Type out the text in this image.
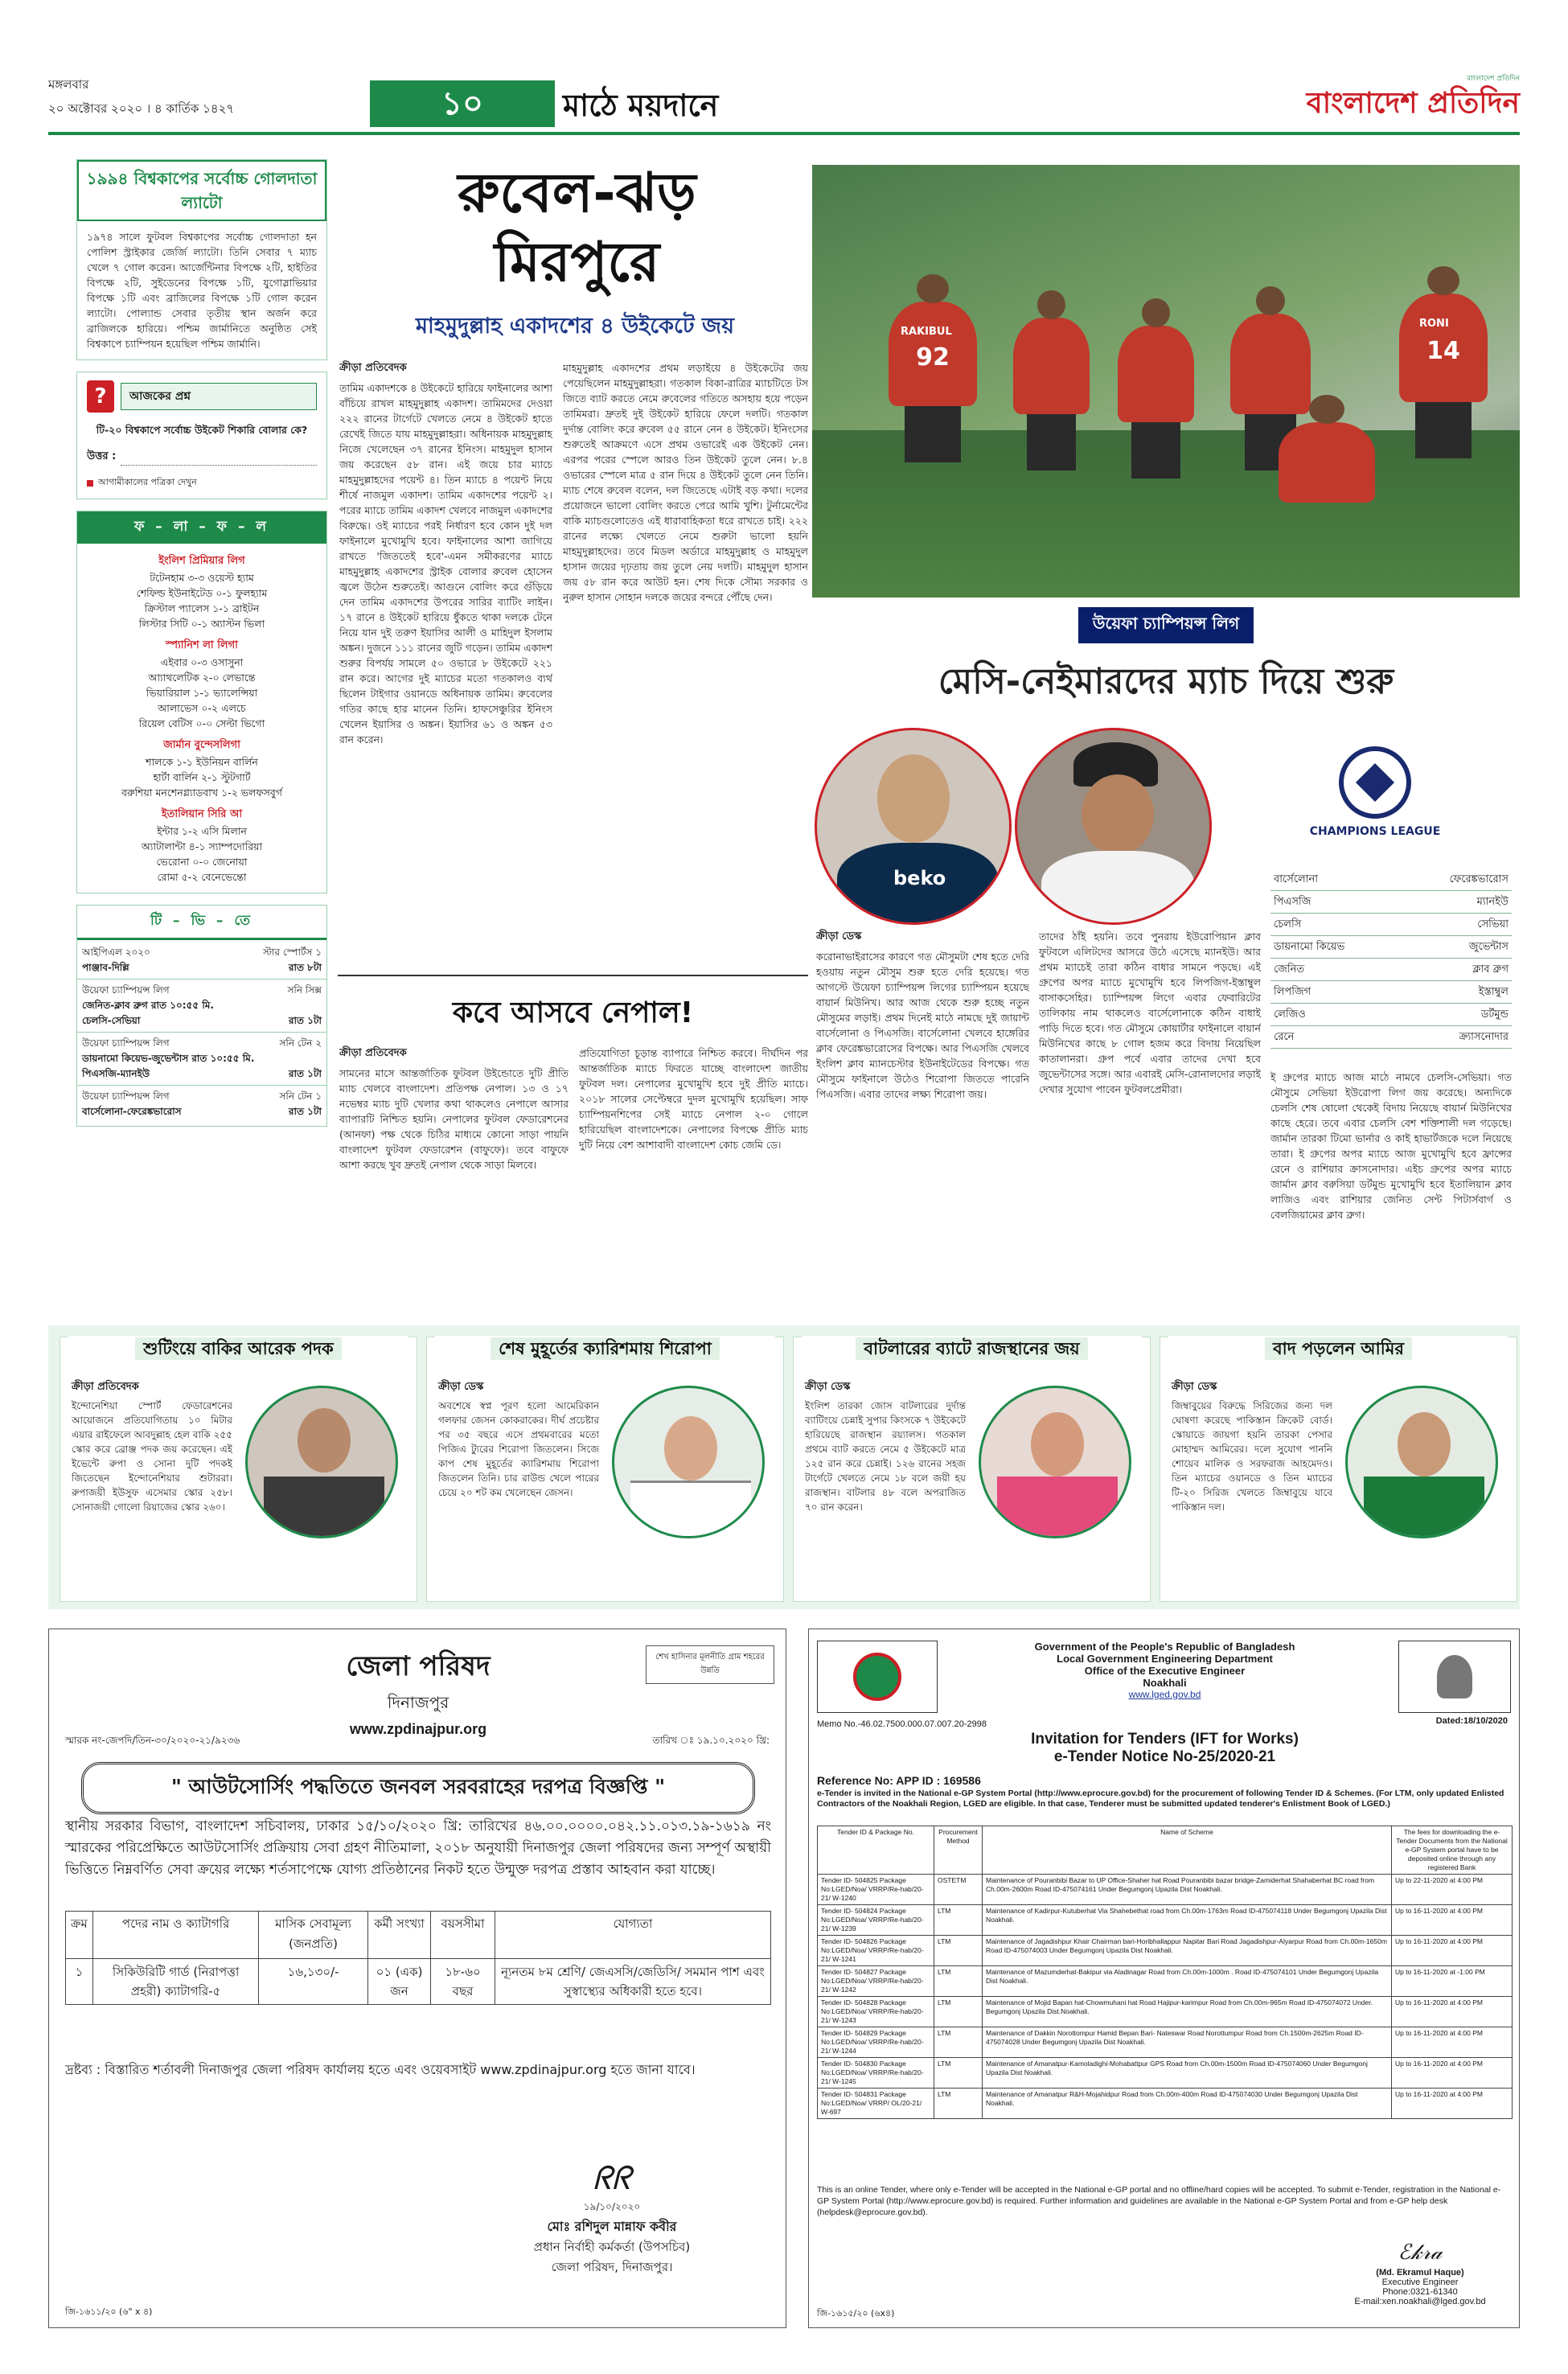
মঙ্গলবার
২০ অক্টোবর ২০২০ । ৪ কার্তিক ১৪২৭	১০	মাঠে ময়দানে
বাংলাদেশ প্রতিদিন
বাংলাদেশ প্রতিদিন
১৯৯৪ বিশ্বকাপের সর্বোচ্চ গোলদাতা ল্যাটো
১৯৭৪ সালে ফুটবল বিশ্বকাপের সর্বোচ্চ গোলদাতা হন পোলিশ স্ট্রাইকার জের্জি ল্যাটো। তিনি সেবার ৭ ম্যাচ খেলে ৭ গোল করেন। আর্জেন্টিনার বিপক্ষে ২টি, হাইতির বিপক্ষে ২টি, সুইডেনের বিপক্ষে ১টি, যুগোস্লাভিয়ার বিপক্ষে ১টি এবং ব্রাজিলের বিপক্ষে ১টি গোল করেন ল্যাটো। পোল্যান্ড সেবার তৃতীয় স্থান অর্জন করে ব্রাজিলকে হারিয়ে। পশ্চিম জার্মানিতে অনুষ্ঠিত সেই বিশ্বকাপে চ্যাম্পিয়ন হয়েছিল পশ্চিম জার্মানি।
?	আজকের প্রশ্ন
টি-২০ বিশ্বকাপে সর্বোচ্চ উইকেট শিকারি বোলার কে?
উত্তর :
আগামীকালের পত্রিকা দেখুন
ফ – লা – ফ – ল
ইংলিশ প্রিমিয়ার লিগ
টটেনহাম ৩-৩ ওয়েস্ট হ্যাম
শেফিল্ড ইউনাইটেড ০-১ ফুলহ্যাম
ক্রিস্টাল প্যালেস ১-১ ব্রাইটন
লিস্টার সিটি ০-১ অ্যাস্টন ভিলা
স্প্যানিশ লা লিগা
এইবার ০-৩ ওসাসুনা
আ্যাথলেটিক ২-০ লেভান্তে
ভিয়ারিয়াল ১-১ ভ্যালেন্সিয়া
আলাভেস ০-২ এলচে
রিয়েল বেটিস ০-০ সেল্টা ভিগো
জার্মান বুন্দেসলিগা
শালকে ১-১ ইউনিয়ন বার্লিন
হার্টা বার্লিন ২-১ স্টুটগার্ট
বরুশিয়া মনশেনগ্ল্যাডবাখ ১-২ ভলফসবুর্গ
ইতালিয়ান সিরি আ
ইন্টার ১-২ এসি মিলান
অ্যাটালান্টা ৪-১ স্যাম্পদোরিয়া
ভেরোনা ০-০ জেনোয়া
রোমা ৫-২ বেনেভেন্তো
টি – ভি – তে
আইপিএল ২০২০	স্টার স্পোর্টস ১
পাঞ্জাব-দিল্লি	রাত ৮টা
উয়েফা চ্যাম্পিয়ন্স লিগ	সনি সিক্স
জেনিত-ক্লাব ব্রুগ রাত ১০:৫৫ মি.
চেলসি-সেভিয়া	রাত ১টা
উয়েফা চ্যাম্পিয়ন্স লিগ	সনি টেন ২
ডায়নামো কিয়েভ-জুভেন্টাস রাত ১০:৫৫ মি.
পিএসজি-ম্যানইউ	রাত ১টা
উয়েফা চ্যাম্পিয়ন্স লিগ	সনি টেন ১
বার্সেলোনা-ফেরেঙ্কভারোস	রাত ১টা
রুবেল-ঝড়
মিরপুরে
মাহমুদুল্লাহ একাদশের ৪ উইকেটে জয়
ক্রীড়া প্রতিবেদক

তামিম একাদশকে ৪ উইকেটে হারিয়ে ফাইনালের আশা বাঁচিয়ে রাখল মাহমুদুল্লাহ একাদশ। তামিমদের দেওয়া ২২২ রানের টার্গেটে খেলতে নেমে ৪ উইকেট হাতে রেখেই জিতে যায় মাহমুদুল্লাহরা। অধিনায়ক মাহমুদুল্লাহ নিজে খেলেছেন ৩৭ রানের ইনিংস। মাহমুদুল হাসান জয় করেছেন ৫৮ রান। এই জয়ে চার ম্যাচে মাহমুদুল্লাহদের পয়েন্ট ৪। তিন ম্যাচে ৪ পয়েন্ট নিয়ে শীর্ষে নাজমুল একাদশ। তামিম একাদশের পয়েন্ট ২। পরের ম্যাচে তামিম একাদশ খেলবে নাজমুল একাদশের বিরুদ্ধে। ওই ম্যাচের পরই নির্ধারণ হবে কোন দুই দল ফাইনালে মুখোমুখি হবে। ফাইনালের আশা জাগিয়ে রাখতে 'জিততেই হবে'-এমন সমীকরণের ম্যাচে মাহমুদুল্লাহ একাদশের স্ট্রাইক বোলার রুবেল হোসেন জ্বলে উঠেন শুরুতেই। আগুনে বোলিং করে গুঁড়িয়ে দেন তামিম একাদশের উপরের সারির ব্যাটিং লাইন। ১৭ রানে ৪ উইকেট হারিয়ে ধুঁকতে থাকা দলকে টেনে নিয়ে যান দুই তরুণ ইয়াসির আলী ও মাহিদুল ইসলাম অঙ্কন। দুজনে ১১১ রানের জুটি গড়েন। তামিম একাদশ শুরুর বিপর্যয় সামলে ৫০ ওভারে ৮ উইকেটে ২২১ রান করে। আগের দুই ম্যাচের মতো গতকালও ব্যর্থ ছিলেন টাইগার ওয়ানডে অধিনায়ক তামিম। রুবেলের গতির কাছে হার মানেন তিনি। হাফসেঞ্চুরির ইনিংস খেলেন ইয়াসির ও অঙ্কন। ইয়াসির ৬১ ও অঙ্কন ৫৩ রান করেন।

মাহমুদুল্লাহ একাদশের প্রথম লড়াইয়ে ৪ উইকেটের জয় পেয়েছিলেন মাহমুদুল্লাহরা। গতকাল বিকা-রাত্রির ম্যাচটিতে টস জিতে ব্যাট করতে নেমে রুবেলের গতিতে অসহায় হয়ে পড়েন তামিমরা। দ্রুতই দুই উইকেট হারিয়ে ফেলে দলটি। গতকাল দুর্দান্ত বোলিং করে রুবেল ৫৫ রানে নেন ৪ উইকেট। ইনিংসের শুরুতেই আক্রমণে এসে প্রথম ওভারেই এক উইকেট নেন। এরপর পরের স্পেলে আরও তিন উইকেট তুলে নেন। ৮.৪ ওভারের স্পেলে মাত্র ৫ রান দিয়ে ৪ উইকেট তুলে নেন তিনি। ম্যাচ শেষে রুবেল বলেন, দল জিতেছে এটাই বড় কথা। দলের প্রয়োজনে ভালো বোলিং করতে পেরে আমি খুশি। টুর্নামেন্টের বাকি ম্যাচগুলোতেও এই ধারাবাহিকতা ধরে রাখতে চাই। ২২২ রানের লক্ষ্যে খেলতে নেমে শুরুটা ভালো হয়নি মাহমুদুল্লাহদের। তবে মিডল অর্ডারে মাহমুদুল্লাহ ও মাহমুদুল হাসান জয়ের দৃঢ়তায় জয় তুলে নেয় দলটি। মাহমুদুল হাসান জয় ৫৮ রান করে আউট হন। শেষ দিকে সৌম্য সরকার ও নুরুল হাসান সোহান দলকে জয়ের বন্দরে পৌঁছে দেন।

92	14
RAKIBUL
RONI
উয়েফা চ্যাম্পিয়ন্স লিগ
মেসি-নেইমারদের ম্যাচ দিয়ে শুরু
beko
CHAMPIONS LEAGUE
বার্সেলোনা	ফেরেঙ্কভারোস
পিএসজি	ম্যানইউ
চেলসি	সেভিয়া
ডায়নামো কিয়েভ	জুভেন্টাস
জেনিত	ক্লাব ব্রুগ
লিপজিগ	ইস্তাম্বুল
লেজিও	ডর্টমুন্ড
রেনে	ক্র্যাসনোদার
ক্রীড়া ডেস্ক

করোনাভাইরাসের কারণে গত মৌসুমটা শেষ হতে দেরি হওয়ায় নতুন মৌসুম শুরু হতে দেরি হয়েছে। গত আগস্টে উয়েফা চ্যাম্পিয়ন্স লিগের চ্যাম্পিয়ন হয়েছে বায়ার্ন মিউনিখ। আর আজ থেকে শুরু হচ্ছে নতুন মৌসুমের লড়াই। প্রথম দিনেই মাঠে নামছে দুই জায়ান্ট বার্সেলোনা ও পিএসজি। বার্সেলোনা খেলবে হাঙ্গেরির ক্লাব ফেরেঙ্কভারোসের বিপক্ষে। আর পিএসজি খেলবে ইংলিশ ক্লাব ম্যানচেস্টার ইউনাইটেডের বিপক্ষে। গত মৌসুমে ফাইনালে উঠেও শিরোপা জিততে পারেনি পিএসজি। এবার তাদের লক্ষ্য শিরোপা জয়।

তাদের ঠাঁই হয়নি। তবে পুনরায় ইউরোপিয়ান ক্লাব ফুটবলে এলিটদের আসরে উঠে এসেছে ম্যানইউ। আর প্রথম ম্যাচেই তারা কঠিন বাধার সামনে পড়ছে। এই গ্রুপের অপর ম্যাচে মুখোমুখি হবে লিপজিগ-ইস্তাম্বুল বাসাকসেহির। চ্যাম্পিয়ন্স লিগে এবার ফেবারিটের তালিকায় নাম থাকলেও বার্সেলোনাকে কঠিন বাধাই পাড়ি দিতে হবে। গত মৌসুমে কোয়ার্টার ফাইনালে বায়ার্ন মিউনিখের কাছে ৮ গোল হজম করে বিদায় নিয়েছিল কাতালানরা। গ্রুপ পর্বে এবার তাদের দেখা হবে জুভেন্টাসের সঙ্গে। আর এবারই মেসি-রোনালদোর লড়াই দেখার সুযোগ পাবেন ফুটবলপ্রেমীরা।

ই গ্রুপের ম্যাচে আজ মাঠে নামবে চেলসি-সেভিয়া। গত মৌসুমে সেভিয়া ইউরোপা লিগ জয় করেছে। অন্যদিকে চেলসি শেষ ষোলো থেকেই বিদায় নিয়েছে বায়ার্ন মিউনিখের কাছে হেরে। তবে এবার চেলসি বেশ শক্তিশালী দল গড়েছে। জার্মান তারকা টিমো ভার্নার ও কাই হাভার্টজকে দলে নিয়েছে তারা। ই গ্রুপের অপর ম্যাচে আজ মুখোমুখি হবে ফ্রান্সের রেনে ও রাশিয়ার ক্রাসনোদার। এইচ গ্রুপের অপর ম্যাচে জার্মান ক্লাব বরুসিয়া ডর্টমুন্ড মুখোমুখি হবে ইতালিয়ান ক্লাব লাজিও এবং রাশিয়ার জেনিত সেন্ট পিটার্সবার্গ ও বেলজিয়ামের ক্লাব ব্রুগ।

কবে আসবে নেপাল!
ক্রীড়া প্রতিবেদক

সামনের মাসে আন্তর্জাতিক ফুটবল উইন্ডোতে দুটি প্রীতি ম্যাচ খেলবে বাংলাদেশ। প্রতিপক্ষ নেপাল। ১৩ ও ১৭ নভেম্বর ম্যাচ দুটি খেলার কথা থাকলেও নেপালে আসার ব্যাপারটি নিশ্চিত হয়নি। নেপালের ফুটবল ফেডারেশনের (আনফা) পক্ষ থেকে চিঠির মাধ্যমে কোনো সাড়া পায়নি বাংলাদেশ ফুটবল ফেডারেশন (বাফুফে)। তবে বাফুফে আশা করছে খুব দ্রুতই নেপাল থেকে সাড়া মিলবে।

প্রতিযোগিতা চূড়ান্ত ব্যাপারে নিশ্চিত করবে। দীর্ঘদিন পর আন্তর্জাতিক ম্যাচে ফিরতে যাচ্ছে বাংলাদেশ জাতীয় ফুটবল দল। নেপালের মুখোমুখি হবে দুই প্রীতি ম্যাচে। ২০১৮ সালের সেপ্টেম্বরে দুদল মুখোমুখি হয়েছিল। সাফ চ্যাম্পিয়নশিপের সেই ম্যাচে নেপাল ২-০ গোলে হারিয়েছিল বাংলাদেশকে। নেপালের বিপক্ষে প্রীতি ম্যাচ দুটি নিয়ে বেশ আশাবাদী বাংলাদেশ কোচ জেমি ডে।

শুটিংয়ে বাকির আরেক পদক
ক্রীড়া প্রতিবেদক
ইন্দোনেশিয়া স্পোর্ট ফেডারেশনের আয়োজনে প্রতিযোগিতায় ১০ মিটার এয়ার রাইফেলে আবদুল্লাহ হেল বাকি ২৫৫ স্কোর করে ব্রোঞ্জ পদক জয় করেছেন। এই ইভেন্টে রুপা ও সোনা দুটি পদকই জিতেছেন ইন্দোনেশিয়ার শুটাররা। রুপাজয়ী ইউসুফ এসেমার স্কোর ২৫৮। সোনাজয়ী গোলো রিয়াজের স্কোর ২৬০।
শেষ মুহূর্তের ক্যারিশমায় শিরোপা
ক্রীড়া ডেস্ক
অবশেষে স্বপ্ন পূরণ হলো আমেরিকান গলফার জেসন কোকরাকের। দীর্ঘ প্রচেষ্টার পর ৩৫ বছরে এসে প্রথমবারের মতো পিজিএ ট্যুরের শিরোপা জিতলেন। সিজে কাপ শেষ মুহূর্তের ক্যারিশমায় শিরোপা জিতলেন তিনি। চার রাউন্ড খেলে পারের চেয়ে ২০ শট কম খেলেছেন জেসন।
বাটলারের ব্যাটে রাজস্থানের জয়
ক্রীড়া ডেস্ক
ইংলিশ তারকা জোস বাটলারের দুর্দান্ত ব্যাটিংয়ে চেন্নাই সুপার কিংসকে ৭ উইকেটে হারিয়েছে রাজস্থান রয়্যালস। গতকাল প্রথমে ব্যাট করতে নেমে ৫ উইকেটে মাত্র ১২৫ রান করে চেন্নাই। ১২৬ রানের সহজ টার্গেটে খেলতে নেমে ১৮ বলে জয়ী হয় রাজস্থান। বাটলার ৪৮ বলে অপরাজিত ৭০ রান করেন।
বাদ পড়লেন আমির
ক্রীড়া ডেস্ক
জিম্বাবুয়ের বিরুদ্ধে সিরিজের জন্য দল ঘোষণা করেছে পাকিস্তান ক্রিকেট বোর্ড। স্কোয়াডে জায়গা হয়নি তারকা পেসার মোহাম্মদ আমিরের। দলে সুযোগ পাননি শোয়েব মালিক ও সরফরাজ আহমেদও। তিন ম্যাচের ওয়ানডে ও তিন ম্যাচের টি-২০ সিরিজ খেলতে জিম্বাবুয়ে যাবে পাকিস্তান দল।
জেলা পরিষদ
দিনাজপুর
www.zpdinajpur.org
শেখ হাসিনার মূলনীতি গ্রাম শহরের উন্নতি
স্মারক নং-জেপদি/তিন-৩০/২০২০-২১/৯২৩৬	তারিখ ঃ ১৯.১০.২০২০ খ্রি:
" আউটসোর্সিং পদ্ধতিতে জনবল সরবরাহের দরপত্র বিজ্ঞপ্তি "
স্থানীয় সরকার বিভাগ, বাংলাদেশ সচিবালয়, ঢাকার ১৫/১০/২০২০ খ্রি: তারিখের ৪৬.০০.০০০০.০৪২.১১.০১৩.১৯-১৬১৯ নং স্মারকের পরিপ্রেক্ষিতে আউটসোর্সিং প্রক্রিয়ায় সেবা গ্রহণ নীতিমালা, ২০১৮ অনুযায়ী দিনাজপুর জেলা পরিষদের জন্য সম্পূর্ণ অস্থায়ী ভিত্তিতে নিম্নবর্ণিত সেবা ক্রয়ের লক্ষ্যে শর্তসাপেক্ষে যোগ্য প্রতিষ্ঠানের নিকট হতে উন্মুক্ত দরপত্র প্রস্তাব আহবান করা যাচ্ছে।
ক্রম	পদের নাম ও ক্যাটাগরি	মাসিক সেবামূল্য (জনপ্রতি)	কর্মী সংখ্যা	বয়সসীমা	যোগ্যতা
১	সিকিউরিটি গার্ড (নিরাপত্তা প্রহরী) ক্যাটাগরি-৫	১৬,১৩০/-	০১ (এক) জন	১৮-৬০ বছর	ন্যূনতম ৮ম শ্রেণি/ জেএসসি/জেডিসি/ সমমান পাশ এবং সুস্বাস্থ্যের অধিকারী হতে হবে।
দ্রষ্টব্য : বিস্তারিত শর্তাবলী দিনাজপুর জেলা পরিষদ কার্যালয় হতে এবং ওয়েবসাইট www.zpdinajpur.org হতে জানা যাবে।
ᖇᖇ
১৯/১০/২০২০
মোঃ রশিদুল মান্নাফ কবীর
প্রধান নির্বাহী কর্মকর্তা (উপসচিব)
জেলা পরিষদ, দিনাজপুর।
জি-১৬১১/২০ (৬" x ৪)
Government of the People's Republic of Bangladesh
Local Government Engineering Department
Office of the Executive Engineer
Noakhali
www.lged.gov.bd
Memo No.-46.02.7500.000.07.007.20-2998	Dated:18/10/2020
Invitation for Tenders (IFT for Works)
e-Tender Notice No-25/2020-21
Reference No: APP ID : 169586
e-Tender is invited in the National e-GP System Portal (http://www.eprocure.gov.bd) for the procurement of following Tender ID & Schemes. (For LTM, only updated Enlisted Contractors of the Noakhali Region, LGED are eligible. In that case, Tenderer must be submitted updated tenderer's Enlistment Book of LGED.)
Tender ID & Package No.	Procurement Method	Name of Scheme	The fees for downloading the e-Tender Documents from the National e-GP System portal have to be deposited online through any registered Bank
Tender ID- 504825 Package No:LGED/Noa/ VRRP/Re-hab/20-21/ W-1240	OSTETM	Maintenance of Pouranbibi Bazar to UP Office-Shaher hat Road Pouranbibi bazar bridge-Zamiderhat Shahaberhat BC road from Ch.00m-2600m Road ID-475074161 Under Begumgonj Upazila Dist Noakhali.	Up to 22-11-2020 at 4:00 PM
Tender ID- 504824 Package No:LGED/Noa/ VRRP/Re-hab/20-21/ W-1239	LTM	Maintenance of Kadirpur-Kutuberhat Via Shahebethat road from Ch.00m-1763m Road ID-475074118 Under Begumgonj Upazila Dist Noakhali.	Up to 16-11-2020 at 4:00 PM
Tender ID- 504826 Package No:LGED/Noa/ VRRP/Re-hab/20-21/ W-1241	LTM	Maintenance of Jagadishpur Khair Chairman bari-Horibhallappur Napitar Bari Road Jagadishpur-Alyarpur Road from Ch.00m-1650m Road ID-475074003 Under Begumgonj Upazila Dist Noakhali.	Up to 16-11-2020 at 4:00 PM
Tender ID- 504827 Package No:LGED/Noa/ VRRP/Re-hab/20-21/ W-1242	LTM	Maintenance of Mazumderhat-Bakipur via Aladinagar Road from Ch.00m-1000m . Road ID-475074101 Under Begumgonj Upazila Dist Noakhali.	Up to 16-11-2020 at -1:00 PM
Tender ID- 504828 Package No:LGED/Noa/ VRRP/Re-hab/20-21/ W-1243	LTM	Maintenance of Mojid Bapan hat-Chowmuhani hat Road Hajipur-karimpur Road from Ch.00m-965m Road ID-475074072 Under. Begumgonj Upazila Dist.Noakhali.	Up to 16-11-2020 at 4:00 PM
Tender ID- 504829 Package No:LGED/Noa/ VRRP/Re-hab/20-21/ W-1244	LTM	Maintenance of Dakkin Norottompur Hamid Bepan Bari- Nateswar Road Norottumpur Road from Ch.1500m-2625m Road ID-475074028 Under Begumgonj Upazila Dist Noakhali.	Up to 16-11-2020 at 4:00 PM
Tender ID- 504830 Package No:LGED/Noa/ VRRP/Re-hab/20-21/ W-1245	LTM	Maintenance of Amanatpur-Kamoladighi-Mohabattpur GPS Road from Ch.00m-1500m Road ID-475074060 Under Begumgonj Upazila Dist Noakhali.	Up to 16-11-2020 at 4:00 PM
Tender ID- 504831 Package No:LGED/Noa/ VRRP/ OL/20-21/ W-697	LTM	Maintenance of Amanatpur R&H-Mojahidpur Road from Ch.00m-400m Road ID-475074030 Under Begumgonj Upazila Dist Noakhali.	Up to 16-11-2020 at 4:00 PM
This is an online Tender, where only e-Tender will be accepted in the National e-GP portal and no offline/hard copies will be accepted. To submit e-Tender, registration in the National e-GP System Portal (http://www.eprocure.gov.bd) is required. Further information and guidelines are available in the National e-GP System Portal and from e-GP help desk (helpdesk@eprocure.gov.bd).
ℰ𝓀𝓇𝒶
(Md. Ekramul Haque)
Executive Engineer
Phone:0321-61340
E-mail:xen.noakhali@lged.gov.bd
জি-১৬১৫/২০ (৬x৪)
